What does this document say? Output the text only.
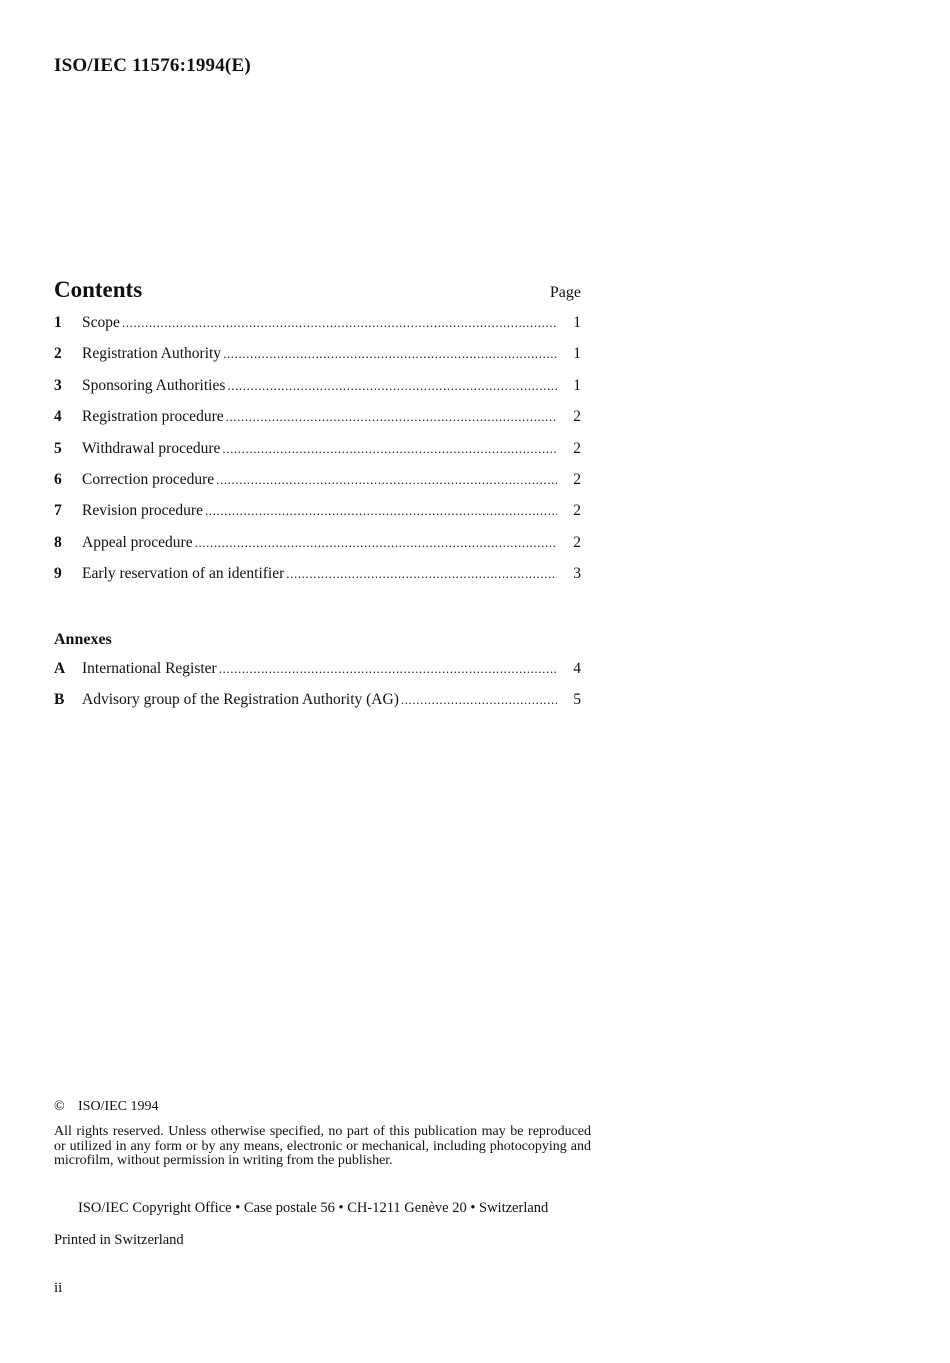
ISO/IEC 11576:1994(E)
Contents	Page
1	Scope .....	1
2	Registration Authority .....	1
3	Sponsoring Authorities .....	1
4	Registration procedure .....	2
5	Withdrawal procedure .....	2
6	Correction procedure .....	2
7	Revision procedure .....	2
8	Appeal procedure .....	2
9	Early reservation of an identifier .....	3
Annexes
A	International Register .....	4
B	Advisory group of the Registration Authority (AG) .....	5
© ISO/IEC 1994
All rights reserved. Unless otherwise specified, no part of this publication may be reproduced or utilized in any form or by any means, electronic or mechanical, including photocopying and microfilm, without permission in writing from the publisher.
ISO/IEC Copyright Office • Case postale 56 • CH-1211 Genève 20 • Switzerland
Printed in Switzerland
ii
